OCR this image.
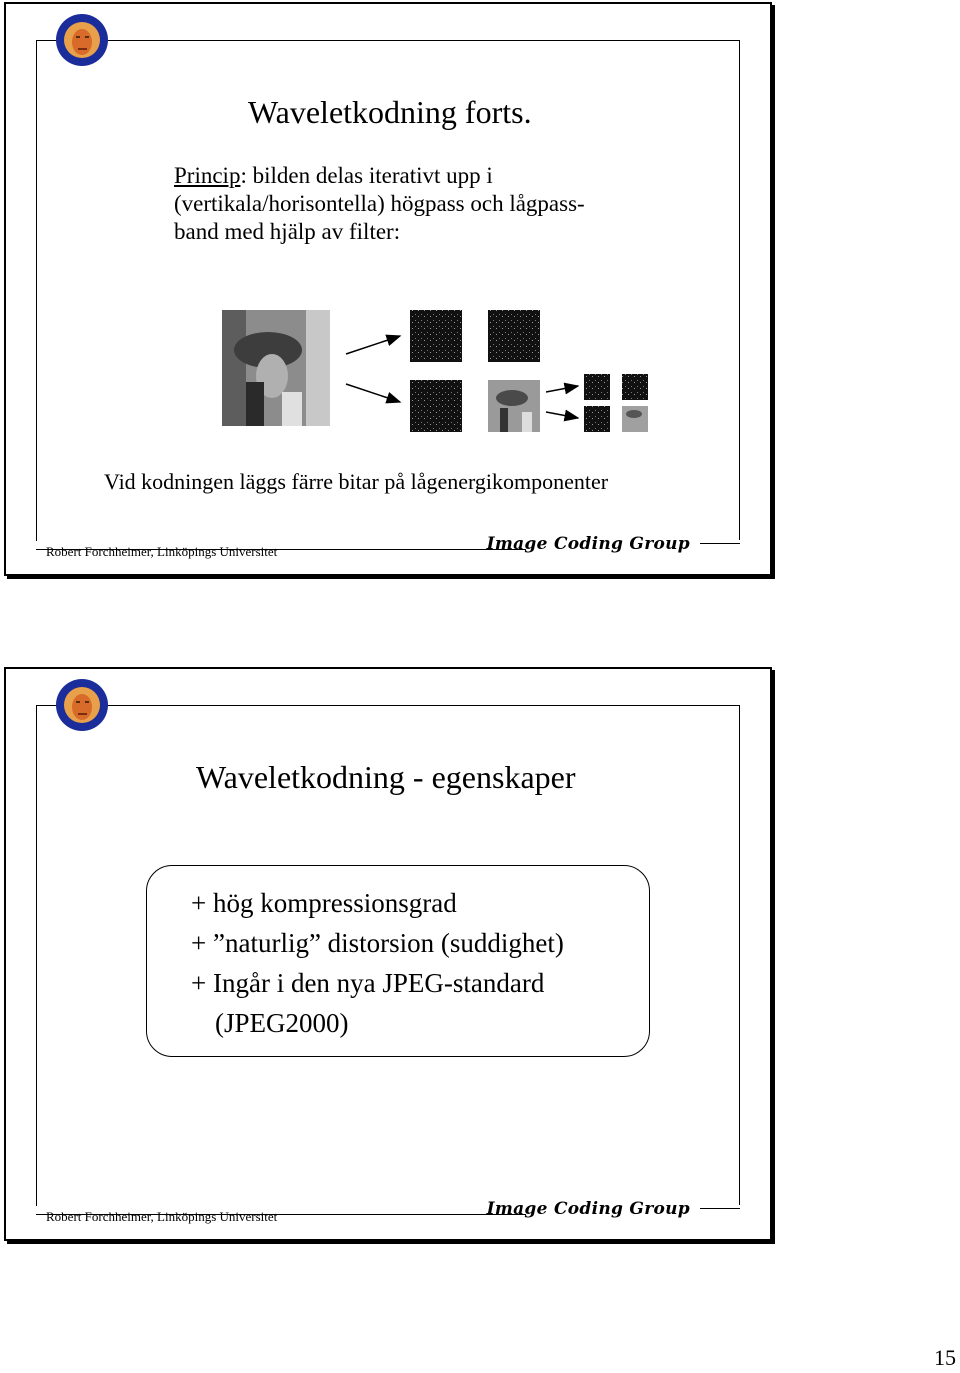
Waveletkodning forts.
Princip: bilden delas iterativt upp i
(vertikala/horisontella) högpass och lågpass-
band med hjälp av filter:
Vid kodningen läggs färre bitar på lågenergikomponenter
Robert Forchheimer, Linköpings Universitet	Image Coding Group
Waveletkodning - egenskaper
+ hög kompressionsgrad
+ ”naturlig” distorsion (suddighet)
+ Ingår i den nya JPEG-standard
(JPEG2000)
Robert Forchheimer, Linköpings Universitet	Image Coding Group
15
